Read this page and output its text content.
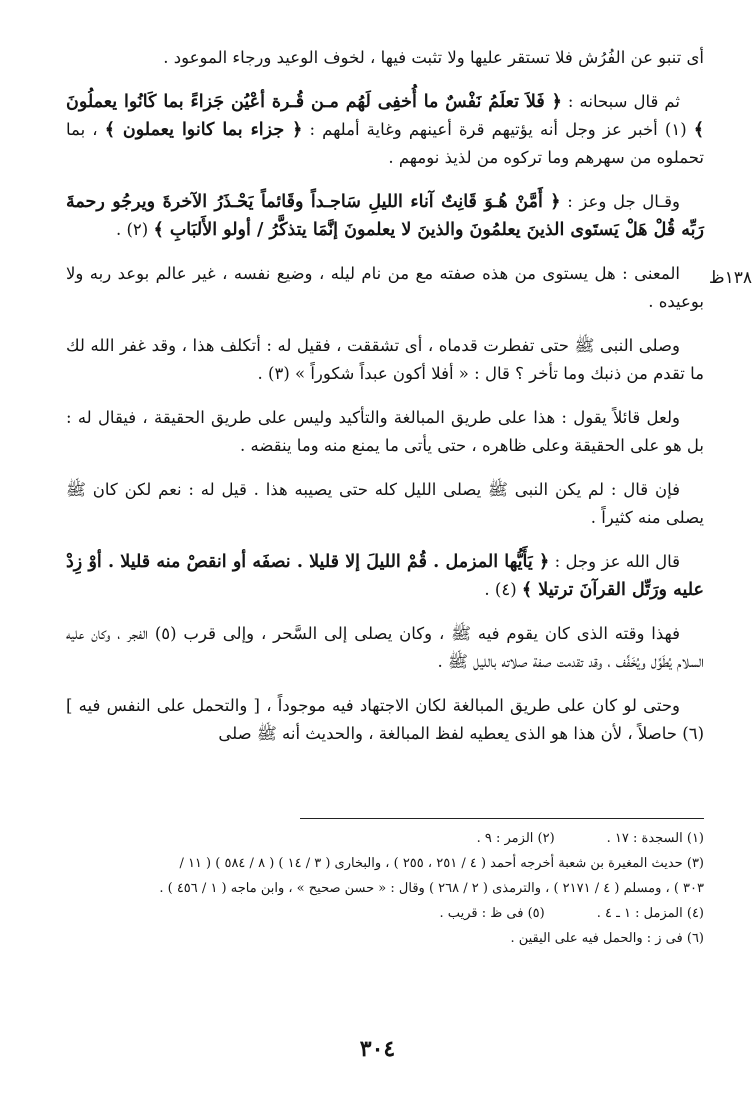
١٣٨ظ

أى تنبو عن الفُرُش فلا تستقر عليها ولا تثبت فيها ، لخوف الوعيد ورجاء الموعود .

ثم قال سبحانه : ﴿ فَلاَ تعلَمُ نَفْسٌ ما أُخفِى لَهُم مـن قُـرة أعْيُن جَزاءً بما كَانُوا يعملُونَ ﴾ (١) أخبر عز وجل أنه يؤتيهم قرة أعينهم وغاية أملهم : ﴿ جزاء بما كانوا يعملون ﴾ ، بما تحملوه من سهرهم وما تركوه من لذيذ نومهم .

وقـال جل وعز : ﴿ أَمَّنْ هُـوَ قَانِتٌ آناء الليلِ سَاجـداً وقَائماً يَحْـذَرُ الآخرةَ ويرجُو رحمةَ رَبِّه قُلْ هَلْ يَستَوى الذينَ يعلمُونَ والذينَ لا يعلمونَ إنَّمَا يتذكَّرُ / أولو الأَلبَابِ ﴾ (٢) .

المعنى : هل يستوى من هذه صفته مع من نام ليله ، وضيع نفسه ، غير عالم بوعد ربه ولا بوعيده .

وصلى النبى ﷺ حتى تفطرت قدماه ، أى تشققت ، فقيل له : أتكلف هذا ، وقد غفر الله لك ما تقدم من ذنبك وما تأخر ؟ قال : « أفلا أكون عبداً شكوراً » (٣) .

ولعل قائلاً يقول : هذا على طريق المبالغة والتأكيد وليس على طريق الحقيقة ، فيقال له : بل هو على الحقيقة وعلى ظاهره ، حتى يأتى ما يمنع منه وما ينقضه .

فإن قال : لم يكن النبى ﷺ يصلى الليل كله حتى يصيبه هذا . قيل له : نعم لكن كان ﷺ يصلى منه كثيراً .

قال الله عز وجل : ﴿ يَأَيُّها المزمل . قُمْ الليلَ إلا قليلا . نصفَه أو انقصْ منه قليلا . أوْ زِدْ عليه ورَتِّل القرآنَ ترتيلا ﴾ (٤) .

فهذا وقته الذى كان يقوم فيه ﷺ ، وكان يصلى إلى السَّحر ، وإلى قرب (٥) الفجر ، وكان عليه السلام يُطَوِّل ويُخَفِّف ، وقد تقدمت صفة صلاته بالليل ﷺ .

وحتى لو كان على طريق المبالغة لكان الاجتهاد فيه موجوداً ، [ والتحمل على النفس فيه ] (٦) حاصلاً ، لأن هذا هو الذى يعطيه لفظ المبالغة ، والحديث أنه ﷺ صلى

(١) السجدة : ١٧ .(٢) الزمر : ٩ .
(٣) حديث المغيرة بن شعبة أخرجه أحمد ( ٤ / ٢٥١ ، ٢٥٥ ) ، والبخارى ( ٣ / ١٤ ) ( ٨ / ٥٨٤ ) ( ١١ /
٣٠٣ ) ، ومسلم ( ٤ / ٢١٧١ ) ، والترمذى ( ٢ / ٢٦٨ ) وقال : « حسن صحيح » ، وابن ماجه ( ١ / ٤٥٦ ) .
(٤) المزمل : ١ ـ ٤ .(٥) فى ظ : قريب .
(٦) فى ز : والحمل فيه على اليقين .
٣٠٤
